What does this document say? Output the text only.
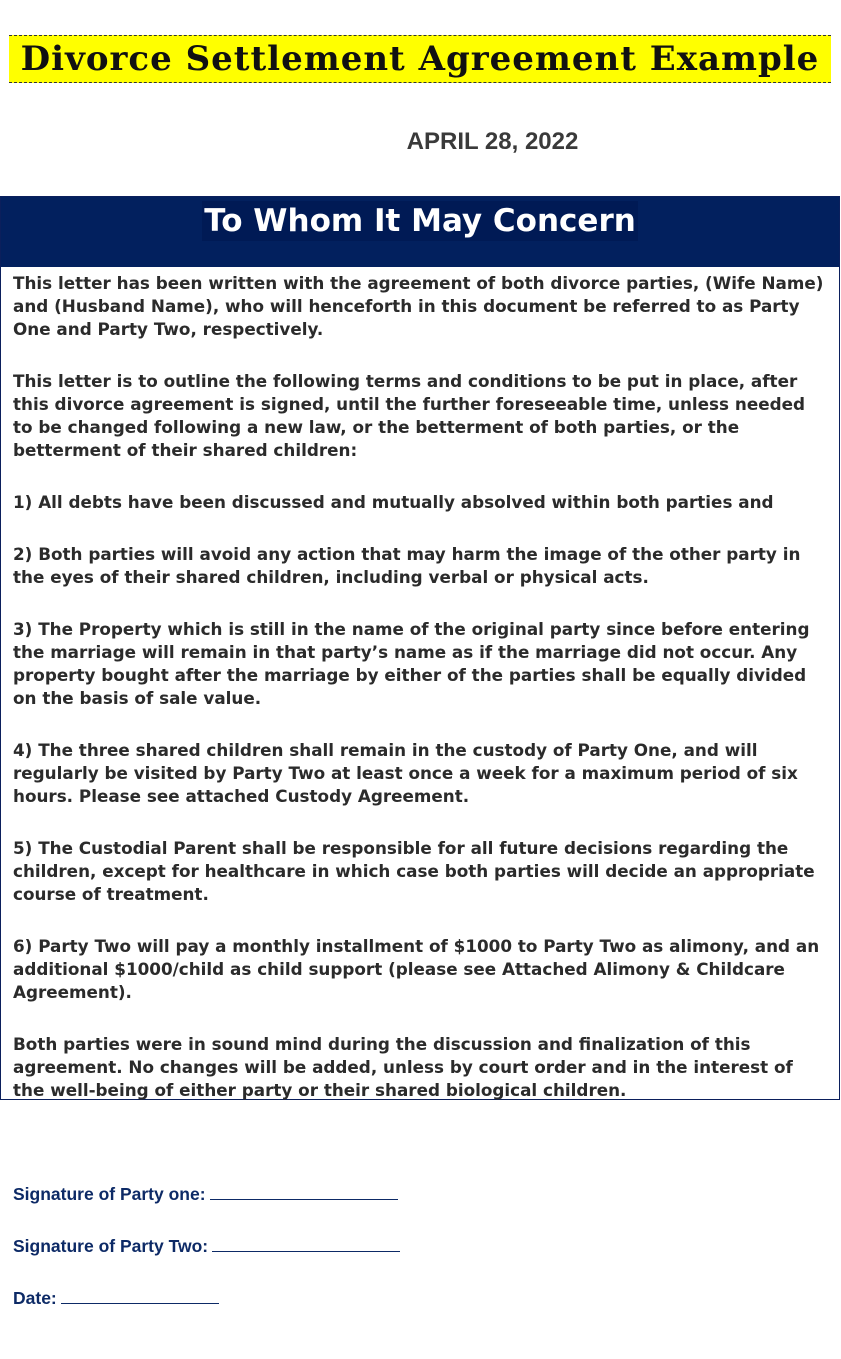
Divorce Settlement Agreement Example
APRIL 28, 2022
To Whom It May Concern

This letter has been written with the agreement of both divorce parties, (Wife Name) and (Husband Name), who will henceforth in this document be referred to as Party One and Party Two, respectively.

This letter is to outline the following terms and conditions to be put in place, after this divorce agreement is signed, until the further foreseeable time, unless needed to be changed following a new law, or the betterment of both parties, or the betterment of their shared children:

1) All debts have been discussed and mutually absolved within both parties and

2) Both parties will avoid any action that may harm the image of the other party in the eyes of their shared children, including verbal or physical acts.

3) The Property which is still in the name of the original party since before entering the marriage will remain in that party’s name as if the marriage did not occur. Any property bought after the marriage by either of the parties shall be equally divided on the basis of sale value.

4) The three shared children shall remain in the custody of Party One, and will regularly be visited by Party Two at least once a week for a maximum period of six hours. Please see attached Custody Agreement.

5) The Custodial Parent shall be responsible for all future decisions regarding the children, except for healthcare in which case both parties will decide an appropriate course of treatment.

6) Party Two will pay a monthly installment of $1000 to Party Two as alimony, and an additional $1000/child as child support (please see Attached Alimony & Childcare Agreement).

Both parties were in sound mind during the discussion and finalization of this agreement. No changes will be added, unless by court order and in the interest of the well-being of either party or their shared biological children.

Signature of Party one:
Signature of Party Two:
Date:
